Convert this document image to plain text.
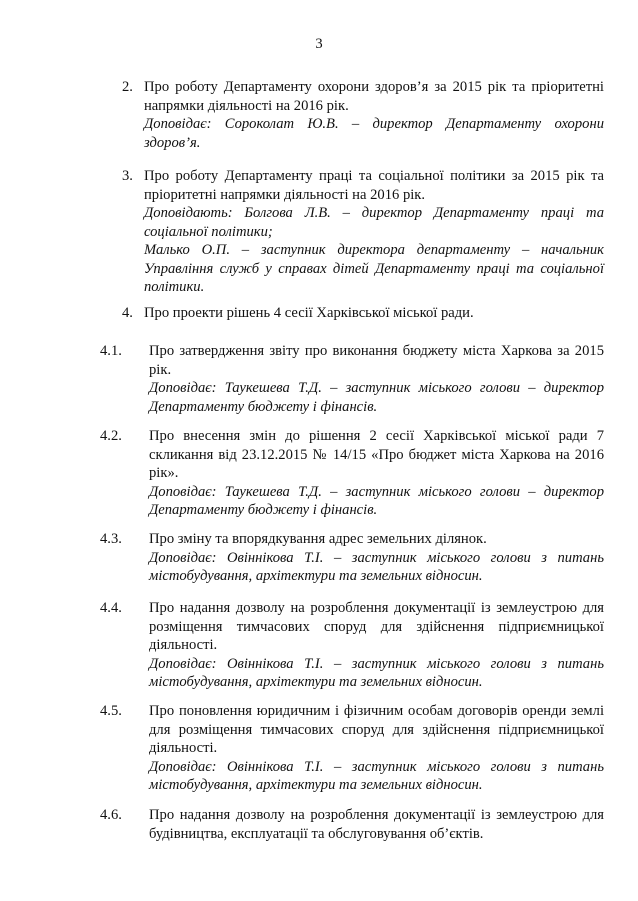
3
2. Про роботу Департаменту охорони здоров’я за 2015 рік та пріоритетні напрямки діяльності на 2016 рік.
Доповідає: Сороколат Ю.В. – директор Департаменту охорони здоров’я.
3. Про роботу Департаменту праці та соціальної політики за 2015 рік та пріоритетні напрямки діяльності на 2016 рік.
Доповідають: Болгова Л.В. – директор Департаменту праці та соціальної політики;
Малько О.П. – заступник директора департаменту – начальник Управління служб у справах дітей Департаменту праці та соціальної політики.
4. Про проекти рішень 4 сесії Харківської міської ради.
4.1. Про затвердження звіту про виконання бюджету міста Харкова за 2015 рік.
Доповідає: Таукешева Т.Д. – заступник міського голови – директор Департаменту бюджету і фінансів.
4.2. Про внесення змін до рішення 2 сесії Харківської міської ради 7 скликання від 23.12.2015 № 14/15 «Про бюджет міста Харкова на 2016 рік».
Доповідає: Таукешева Т.Д. – заступник міського голови – директор Департаменту бюджету і фінансів.
4.3. Про зміну та впорядкування адрес земельних ділянок.
Доповідає: Овіннікова Т.І. – заступник міського голови з питань містобудування, архітектури та земельних відносин.
4.4. Про надання дозволу на розроблення документації із землеустрою для розміщення тимчасових споруд для здійснення підприємницької діяльності.
Доповідає: Овіннікова Т.І. – заступник міського голови з питань містобудування, архітектури та земельних відносин.
4.5. Про поновлення юридичним і фізичним особам договорів оренди землі для розміщення тимчасових споруд для здійснення підприємницької діяльності.
Доповідає: Овіннікова Т.І. – заступник міського голови з питань містобудування, архітектури та земельних відносин.
4.6. Про надання дозволу на розроблення документації із землеустрою для будівництва, експлуатації та обслуговування об’єктів.
